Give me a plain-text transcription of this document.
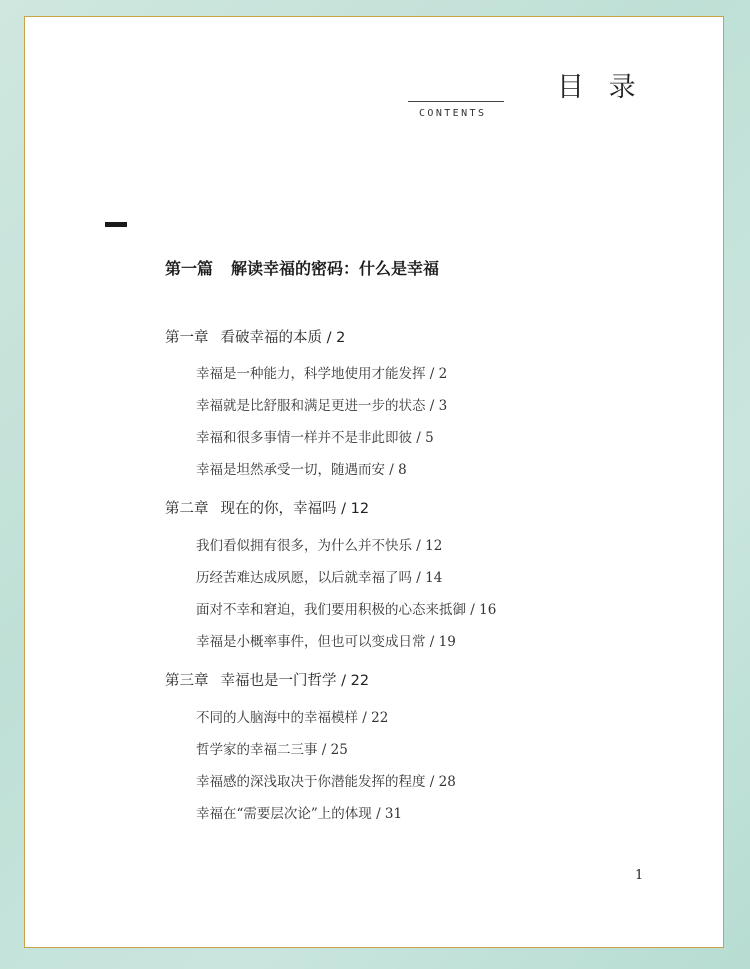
目 录
CONTENTS
第一篇 解读幸福的密码：什么是幸福
第一章 看破幸福的本质 / 2
幸福是一种能力，科学地使用才能发挥 / 2
幸福就是比舒服和满足更进一步的状态 / 3
幸福和很多事情一样并不是非此即彼 / 5
幸福是坦然承受一切，随遇而安 / 8
第二章 现在的你，幸福吗 / 12
我们看似拥有很多，为什么并不快乐 / 12
历经苦难达成夙愿，以后就幸福了吗 / 14
面对不幸和窘迫，我们要用积极的心态来抵御 / 16
幸福是小概率事件，但也可以变成日常 / 19
第三章 幸福也是一门哲学 / 22
不同的人脑海中的幸福模样 / 22
哲学家的幸福二三事 / 25
幸福感的深浅取决于你潜能发挥的程度 / 28
幸福在“需要层次论”上的体现 / 31
1
